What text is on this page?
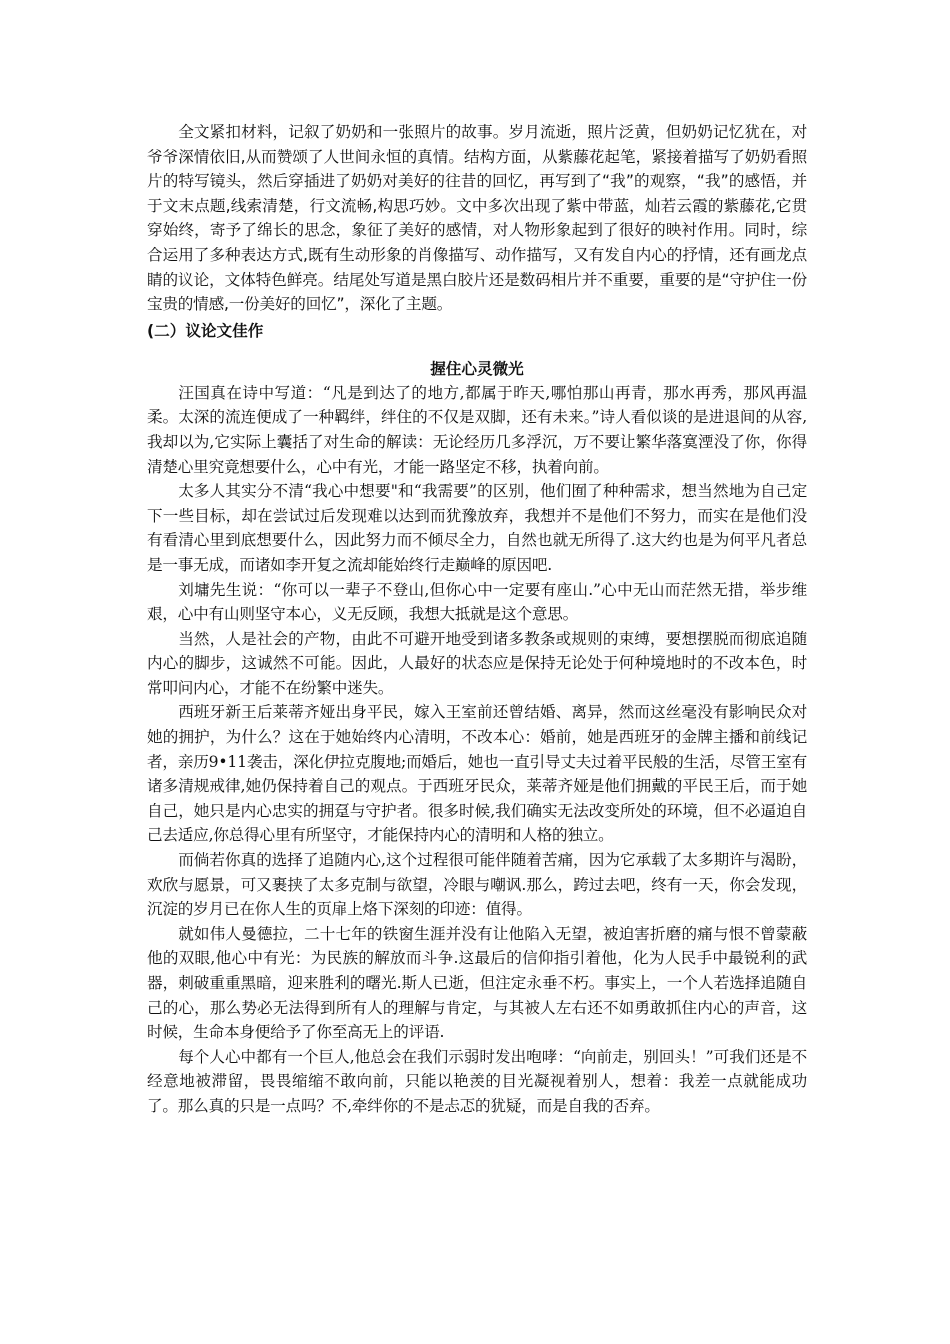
全文紧扣材料，记叙了奶奶和一张照片的故事。岁月流逝，照片泛黄，但奶奶记忆犹在，对爷爷深情依旧,从而赞颂了人世间永恒的真情。结构方面，从紫藤花起笔，紧接着描写了奶奶看照片的特写镜头，然后穿插进了奶奶对美好的往昔的回忆，再写到了“我”的观察，“我”的感悟，并于文末点题,线索清楚，行文流畅,构思巧妙。文中多次出现了紫中带蓝，灿若云霞的紫藤花,它贯穿始终，寄予了绵长的思念，象征了美好的感情，对人物形象起到了很好的映衬作用。同时，综合运用了多种表达方式,既有生动形象的肖像描写、动作描写，又有发自内心的抒情，还有画龙点睛的议论，文体特色鲜亮。结尾处写道是黑白胶片还是数码相片并不重要，重要的是“守护住一份宝贵的情感,一份美好的回忆”，深化了主题。

(二）议论文佳作
握住心灵微光

汪国真在诗中写道：“凡是到达了的地方,都属于昨天,哪怕那山再青，那水再秀，那风再温柔。太深的流连便成了一种羁绊，绊住的不仅是双脚，还有未来。”诗人看似谈的是进退间的从容,我却以为,它实际上囊括了对生命的解读：无论经历几多浮沉，万不要让繁华落寞湮没了你，你得清楚心里究竟想要什么，心中有光，才能一路坚定不移，执着向前。

太多人其实分不清“我心中想要"和“我需要”的区别，他们囿了种种需求，想当然地为自己定下一些目标，却在尝试过后发现难以达到而犹豫放弃，我想并不是他们不努力，而实在是他们没有看清心里到底想要什么，因此努力而不倾尽全力，自然也就无所得了.这大约也是为何平凡者总是一事无成，而诸如李开复之流却能始终行走巅峰的原因吧.

刘墉先生说：“你可以一辈子不登山,但你心中一定要有座山.”心中无山而茫然无措，举步维艰，心中有山则坚守本心，义无反顾，我想大抵就是这个意思。

当然，人是社会的产物，由此不可避开地受到诸多教条或规则的束缚，要想摆脱而彻底追随内心的脚步，这诚然不可能。因此，人最好的状态应是保持无论处于何种境地时的不改本色，时常叩问内心，才能不在纷繁中迷失。

西班牙新王后莱蒂齐娅出身平民，嫁入王室前还曾结婚、离异，然而这丝毫没有影响民众对她的拥护，为什么？这在于她始终内心清明，不改本心：婚前，她是西班牙的金牌主播和前线记者，亲历9•11袭击，深化伊拉克腹地;而婚后，她也一直引导丈夫过着平民般的生活，尽管王室有诸多清规戒律,她仍保持着自己的观点。于西班牙民众，莱蒂齐娅是他们拥戴的平民王后，而于她自己，她只是内心忠实的拥趸与守护者。很多时候,我们确实无法改变所处的环境，但不必逼迫自己去适应,你总得心里有所坚守，才能保持内心的清明和人格的独立。

而倘若你真的选择了追随内心,这个过程很可能伴随着苦痛，因为它承载了太多期许与渴盼，欢欣与愿景，可又裹挟了太多克制与欲望，冷眼与嘲讽.那么，跨过去吧，终有一天，你会发现，沉淀的岁月已在你人生的页扉上烙下深刻的印迹：值得。

就如伟人曼德拉，二十七年的铁窗生涯并没有让他陷入无望，被迫害折磨的痛与恨不曾蒙蔽他的双眼,他心中有光：为民族的解放而斗争.这最后的信仰指引着他，化为人民手中最锐利的武器，刺破重重黑暗，迎来胜利的曙光.斯人已逝，但注定永垂不朽。事实上，一个人若选择追随自己的心，那么势必无法得到所有人的理解与肯定，与其被人左右还不如勇敢抓住内心的声音，这时候，生命本身便给予了你至高无上的评语.

每个人心中都有一个巨人,他总会在我们示弱时发出咆哮：“向前走，别回头！”可我们还是不经意地被滞留，畏畏缩缩不敢向前，只能以艳羡的目光凝视着别人，想着：我差一点就能成功了。那么真的只是一点吗？不,牵绊你的不是忐忑的犹疑，而是自我的否弃。
